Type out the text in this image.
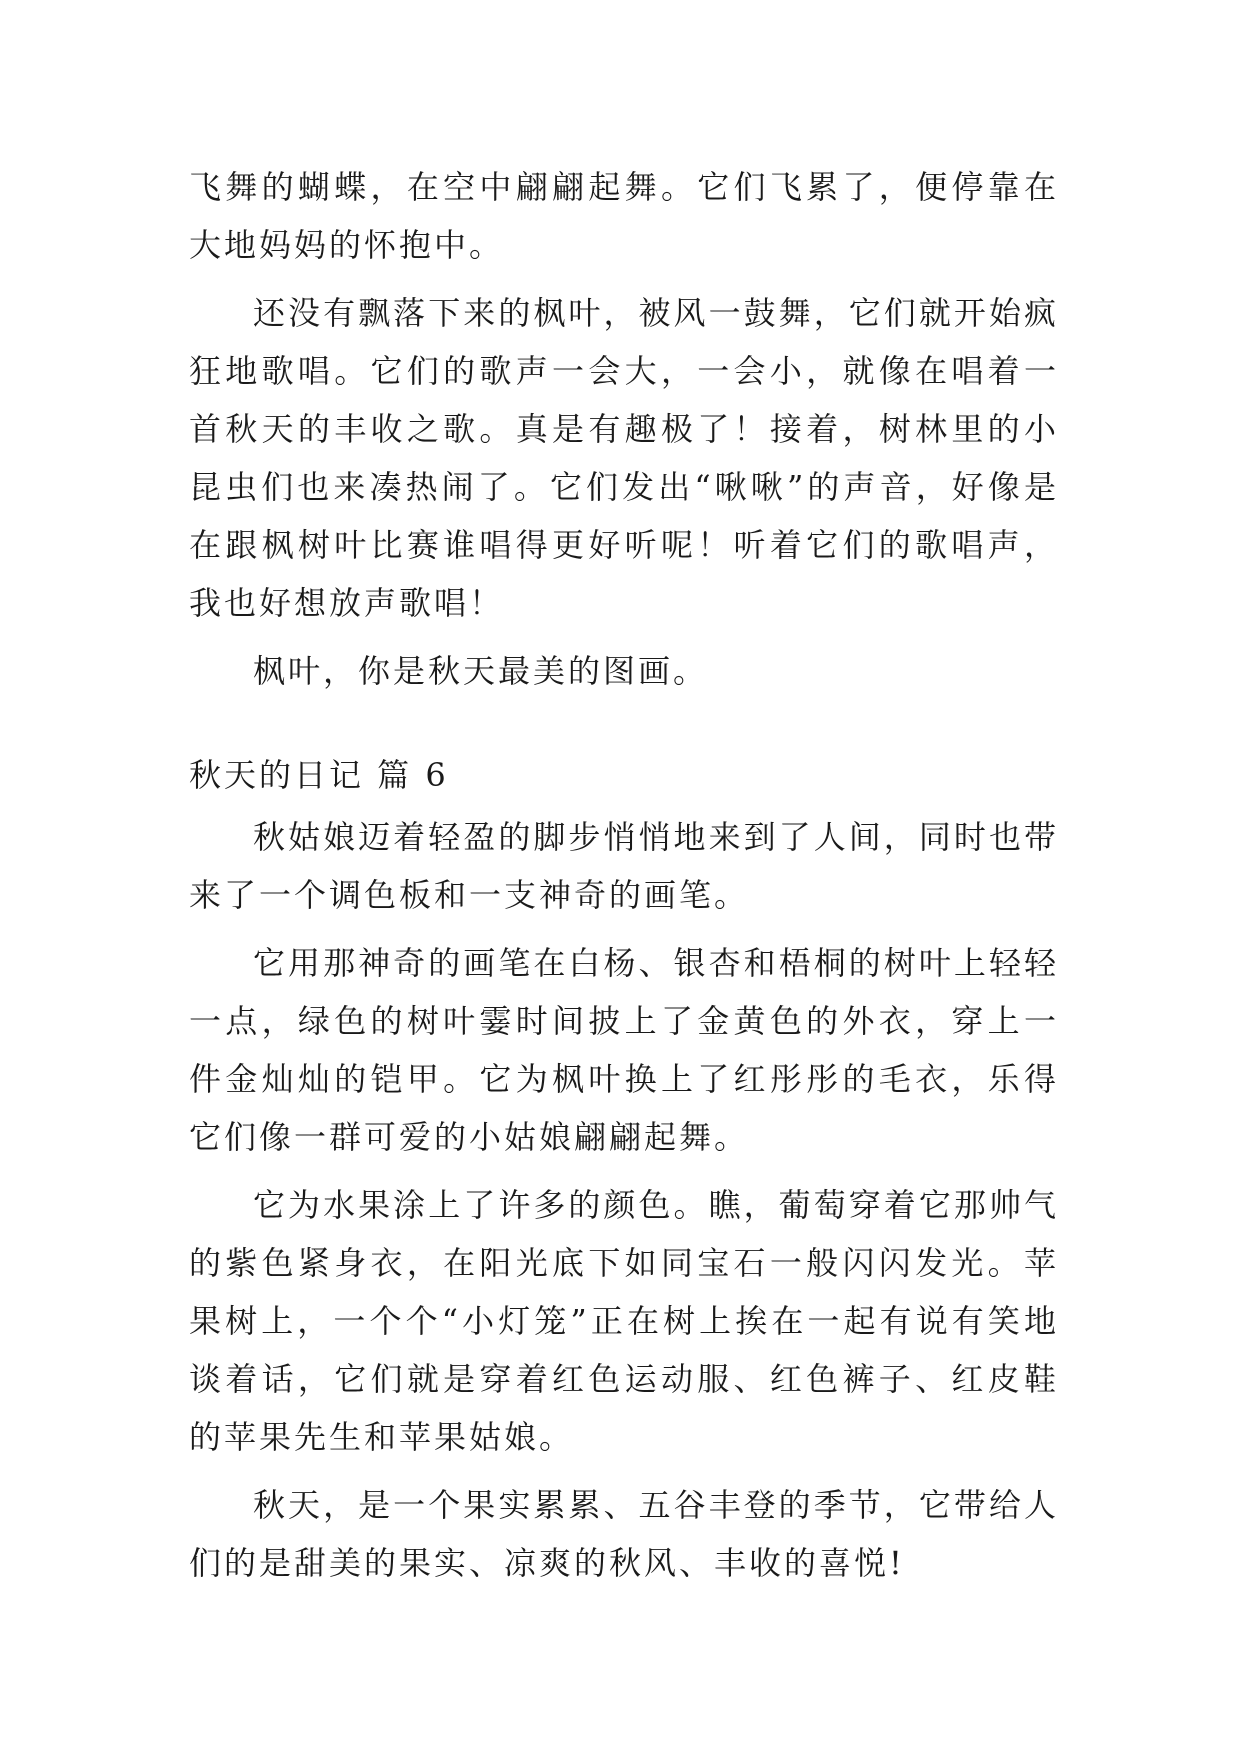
飞舞的蝴蝶，在空中翩翩起舞。它们飞累了，便停靠在大地妈妈的怀抱中。

还没有飘落下来的枫叶，被风一鼓舞，它们就开始疯狂地歌唱。它们的歌声一会大，一会小，就像在唱着一首秋天的丰收之歌。真是有趣极了！接着，树林里的小昆虫们也来凑热闹了。它们发出“啾啾”的声音，好像是在跟枫树叶比赛谁唱得更好听呢！听着它们的歌唱声，我也好想放声歌唱！

枫叶，你是秋天最美的图画。

秋天的日记 篇 6

秋姑娘迈着轻盈的脚步悄悄地来到了人间，同时也带来了一个调色板和一支神奇的画笔。

它用那神奇的画笔在白杨、银杏和梧桐的树叶上轻轻一点，绿色的树叶霎时间披上了金黄色的外衣，穿上一件金灿灿的铠甲。它为枫叶换上了红彤彤的毛衣，乐得它们像一群可爱的小姑娘翩翩起舞。

它为水果涂上了许多的颜色。瞧，葡萄穿着它那帅气的紫色紧身衣，在阳光底下如同宝石一般闪闪发光。苹果树上，一个个“小灯笼”正在树上挨在一起有说有笑地谈着话，它们就是穿着红色运动服、红色裤子、红皮鞋的苹果先生和苹果姑娘。

秋天，是一个果实累累、五谷丰登的季节，它带给人们的是甜美的果实、凉爽的秋风、丰收的喜悦!
